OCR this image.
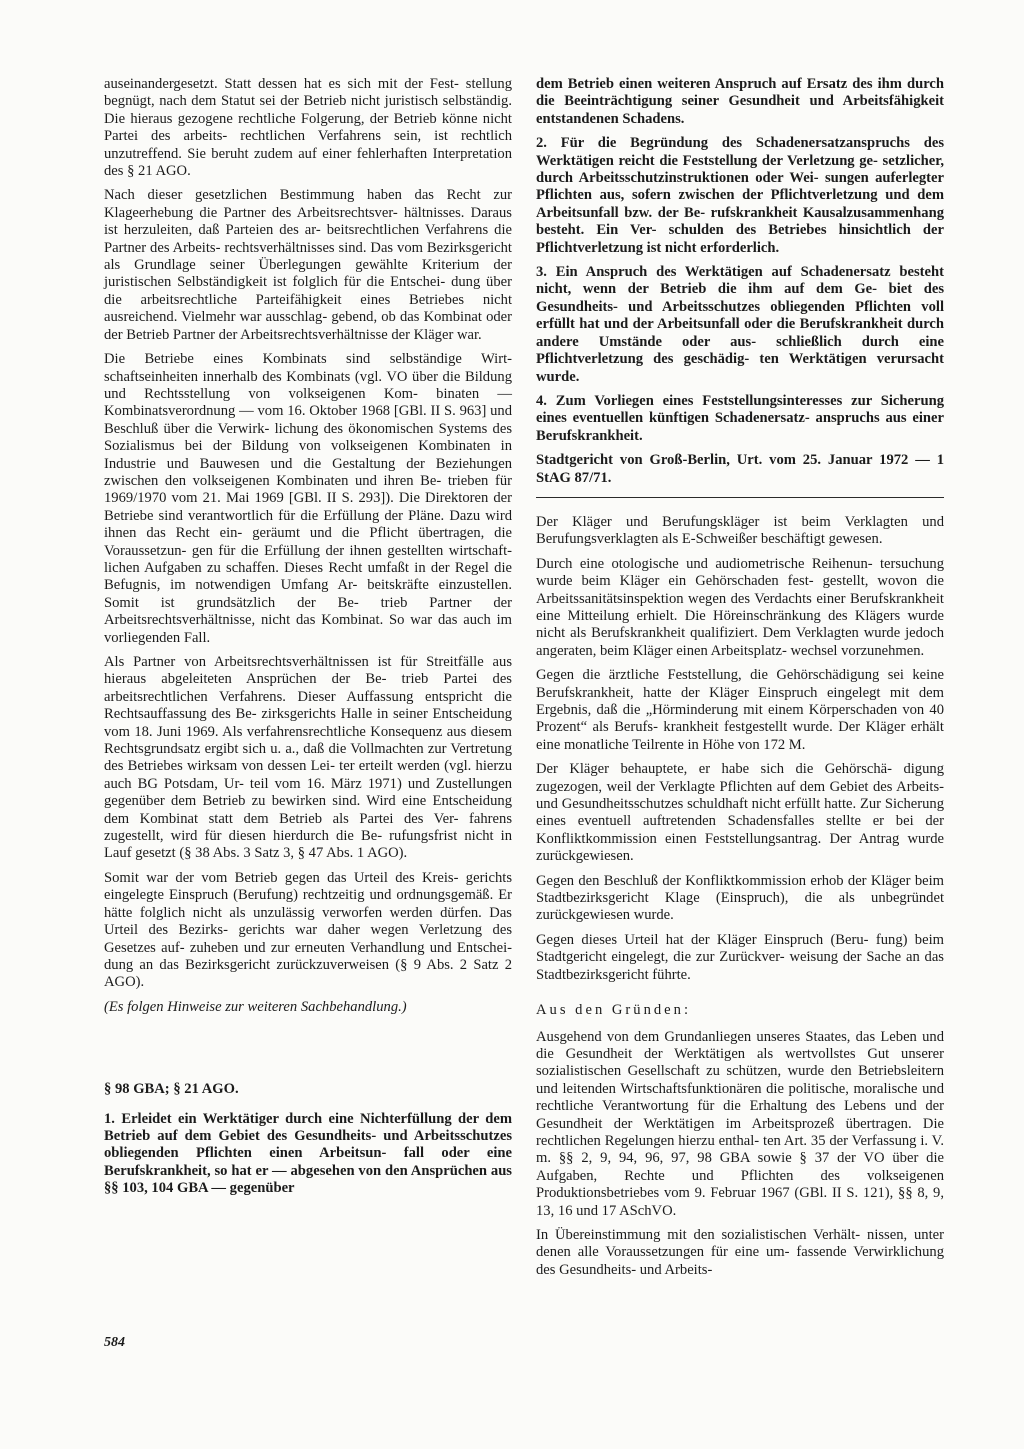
auseinandergesetzt. Statt dessen hat es sich mit der Fest- stellung begnügt, nach dem Statut sei der Betrieb nicht juristisch selbständig. Die hieraus gezogene rechtliche Folgerung, der Betrieb könne nicht Partei des arbeits- rechtlichen Verfahrens sein, ist rechtlich unzutreffend. Sie beruht zudem auf einer fehlerhaften Interpretation des § 21 AGO.

Nach dieser gesetzlichen Bestimmung haben das Recht zur Klageerhebung die Partner des Arbeitsrechtsver- hältnisses. Daraus ist herzuleiten, daß Parteien des ar- beitsrechtlichen Verfahrens die Partner des Arbeits- rechtsverhältnisses sind. Das vom Bezirksgericht als Grundlage seiner Überlegungen gewählte Kriterium der juristischen Selbständigkeit ist folglich für die Entschei- dung über die arbeitsrechtliche Parteifähigkeit eines Betriebes nicht ausreichend. Vielmehr war ausschlag- gebend, ob das Kombinat oder der Betrieb Partner der Arbeitsrechtsverhältnisse der Kläger war.

Die Betriebe eines Kombinats sind selbständige Wirt- schaftseinheiten innerhalb des Kombinats (vgl. VO über die Bildung und Rechtsstellung von volkseigenen Kom- binaten — Kombinatsverordnung — vom 16. Oktober 1968 [GBl. II S. 963] und Beschluß über die Verwirk- lichung des ökonomischen Systems des Sozialismus bei der Bildung von volkseigenen Kombinaten in Industrie und Bauwesen und die Gestaltung der Beziehungen zwischen den volkseigenen Kombinaten und ihren Be- trieben für 1969/1970 vom 21. Mai 1969 [GBl. II S. 293]). Die Direktoren der Betriebe sind verantwortlich für die Erfüllung der Pläne. Dazu wird ihnen das Recht ein- geräumt und die Pflicht übertragen, die Voraussetzun- gen für die Erfüllung der ihnen gestellten wirtschaft- lichen Aufgaben zu schaffen. Dieses Recht umfaßt in der Regel die Befugnis, im notwendigen Umfang Ar- beitskräfte einzustellen. Somit ist grundsätzlich der Be- trieb Partner der Arbeitsrechtsverhältnisse, nicht das Kombinat. So war das auch im vorliegenden Fall.

Als Partner von Arbeitsrechtsverhältnissen ist für Streitfälle aus hieraus abgeleiteten Ansprüchen der Be- trieb Partei des arbeitsrechtlichen Verfahrens. Dieser Auffassung entspricht die Rechtsauffassung des Be- zirksgerichts Halle in seiner Entscheidung vom 18. Juni 1969. Als verfahrensrechtliche Konsequenz aus diesem Rechtsgrundsatz ergibt sich u. a., daß die Vollmachten zur Vertretung des Betriebes wirksam von dessen Lei- ter erteilt werden (vgl. hierzu auch BG Potsdam, Ur- teil vom 16. März 1971) und Zustellungen gegenüber dem Betrieb zu bewirken sind. Wird eine Entscheidung dem Kombinat statt dem Betrieb als Partei des Ver- fahrens zugestellt, wird für diesen hierdurch die Be- rufungsfrist nicht in Lauf gesetzt (§ 38 Abs. 3 Satz 3, § 47 Abs. 1 AGO).

Somit war der vom Betrieb gegen das Urteil des Kreis- gerichts eingelegte Einspruch (Berufung) rechtzeitig und ordnungsgemäß. Er hätte folglich nicht als unzulässig verworfen werden dürfen. Das Urteil des Bezirks- gerichts war daher wegen Verletzung des Gesetzes auf- zuheben und zur erneuten Verhandlung und Entschei- dung an das Bezirksgericht zurückzuverweisen (§ 9 Abs. 2 Satz 2 AGO).

(Es folgen Hinweise zur weiteren Sachbehandlung.)

§ 98 GBA; § 21 AGO.

1. Erleidet ein Werktätiger durch eine Nichterfüllung der dem Betrieb auf dem Gebiet des Gesundheits- und Arbeitsschutzes obliegenden Pflichten einen Arbeitsun- fall oder eine Berufskrankheit, so hat er — abgesehen von den Ansprüchen aus §§ 103, 104 GBA — gegenüber

dem Betrieb einen weiteren Anspruch auf Ersatz des ihm durch die Beeinträchtigung seiner Gesundheit und Arbeitsfähigkeit entstandenen Schadens.

2. Für die Begründung des Schadenersatzanspruchs des Werktätigen reicht die Feststellung der Verletzung ge- setzlicher, durch Arbeitsschutzinstruktionen oder Wei- sungen auferlegter Pflichten aus, sofern zwischen der Pflichtverletzung und dem Arbeitsunfall bzw. der Be- rufskrankheit Kausalzusammenhang besteht. Ein Ver- schulden des Betriebes hinsichtlich der Pflichtverletzung ist nicht erforderlich.

3. Ein Anspruch des Werktätigen auf Schadenersatz besteht nicht, wenn der Betrieb die ihm auf dem Ge- biet des Gesundheits- und Arbeitsschutzes obliegenden Pflichten voll erfüllt hat und der Arbeitsunfall oder die Berufskrankheit durch andere Umstände oder aus- schließlich durch eine Pflichtverletzung des geschädig- ten Werktätigen verursacht wurde.

4. Zum Vorliegen eines Feststellungsinteresses zur Sicherung eines eventuellen künftigen Schadenersatz- anspruchs aus einer Berufskrankheit.

Stadtgericht von Groß-Berlin, Urt. vom 25. Januar 1972 — 1 StAG 87/71.

Der Kläger und Berufungskläger ist beim Verklagten und Berufungsverklagten als E-Schweißer beschäftigt gewesen.

Durch eine otologische und audiometrische Reihenun- tersuchung wurde beim Kläger ein Gehörschaden fest- gestellt, wovon die Arbeitssanitätsinspektion wegen des Verdachts einer Berufskrankheit eine Mitteilung erhielt. Die Höreinschränkung des Klägers wurde nicht als Berufskrankheit qualifiziert. Dem Verklagten wurde jedoch angeraten, beim Kläger einen Arbeitsplatz- wechsel vorzunehmen.

Gegen die ärztliche Feststellung, die Gehörschädigung sei keine Berufskrankheit, hatte der Kläger Einspruch eingelegt mit dem Ergebnis, daß die „Hörminderung mit einem Körperschaden von 40 Prozent“ als Berufs- krankheit festgestellt wurde. Der Kläger erhält eine monatliche Teilrente in Höhe von 172 M.

Der Kläger behauptete, er habe sich die Gehörschä- digung zugezogen, weil der Verklagte Pflichten auf dem Gebiet des Arbeits- und Gesundheitsschutzes schuldhaft nicht erfüllt hatte. Zur Sicherung eines eventuell auftretenden Schadensfalles stellte er bei der Konfliktkommission einen Feststellungsantrag. Der Antrag wurde zurückgewiesen.

Gegen den Beschluß der Konfliktkommission erhob der Kläger beim Stadtbezirksgericht Klage (Einspruch), die als unbegründet zurückgewiesen wurde.

Gegen dieses Urteil hat der Kläger Einspruch (Beru- fung) beim Stadtgericht eingelegt, die zur Zurückver- weisung der Sache an das Stadtbezirksgericht führte.

Aus den Gründen:

Ausgehend von dem Grundanliegen unseres Staates, das Leben und die Gesundheit der Werktätigen als wertvollstes Gut unserer sozialistischen Gesellschaft zu schützen, wurde den Betriebsleitern und leitenden Wirtschaftsfunktionären die politische, moralische und rechtliche Verantwortung für die Erhaltung des Lebens und der Gesundheit der Werktätigen im Arbeitsprozeß übertragen. Die rechtlichen Regelungen hierzu enthal- ten Art. 35 der Verfassung i. V. m. §§ 2, 9, 94, 96, 97, 98 GBA sowie § 37 der VO über die Aufgaben, Rechte und Pflichten des volkseigenen Produktionsbetriebes vom 9. Februar 1967 (GBl. II S. 121), §§ 8, 9, 13, 16 und 17 ASchVO.

In Übereinstimmung mit den sozialistischen Verhält- nissen, unter denen alle Voraussetzungen für eine um- fassende Verwirklichung des Gesundheits- und Arbeits-

584
